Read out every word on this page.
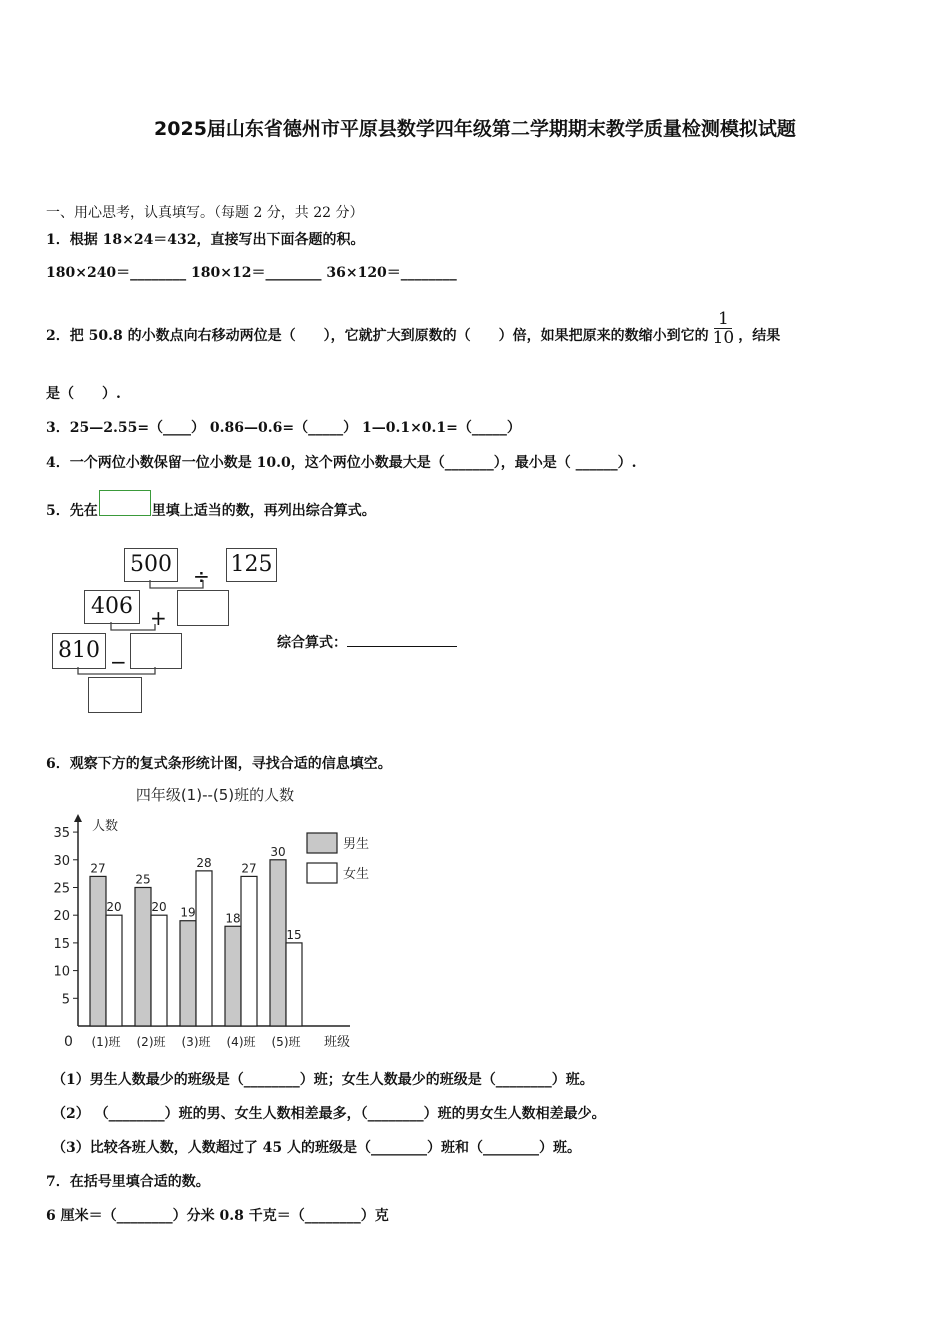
2025届山东省德州市平原县数学四年级第二学期期末教学质量检测模拟试题
一、用心思考，认真填写。（每题 2 分，共 22 分）
1．根据 18×24＝432，直接写出下面各题的积。
180×240＝________ 180×12＝________ 36×120＝________
2．把 50.8 的小数点向右移动两位是（　　），它就扩大到原数的（　　）倍，如果把原来的数缩小到它的 $\frac{1}{10}$ ，结果
是（　　）.
3．25—2.55=（____） 0.86—0.6=（_____） 1—0.1×0.1=（_____）
4．一个两位小数保留一位小数是 10.0，这个两位小数最大是（_______），最小是（ ______）.
5．先在	里填上适当的数，再列出综合算式。
500	÷ 125
406 +
810 −
综合算式：
6．观察下方的复式条形统计图，寻找合适的信息填空。
四年级(1)--(5)班的人数
人数
0	班级
5
10
15
20
25
30
35
27
20
(1)班
25
20
(2)班
19
28
(3)班
18
27
(4)班
30
15
(5)班
男生
女生
（1）男生人数最少的班级是（________）班；女生人数最少的班级是（________）班。
（2） （________）班的男、女生人数相差最多，（________）班的男女生人数相差最少。
（3）比较各班人数，人数超过了 45 人的班级是（________）班和（________）班。
7．在括号里填合适的数。
6 厘米＝（________）分米 0.8 千克＝（________）克
